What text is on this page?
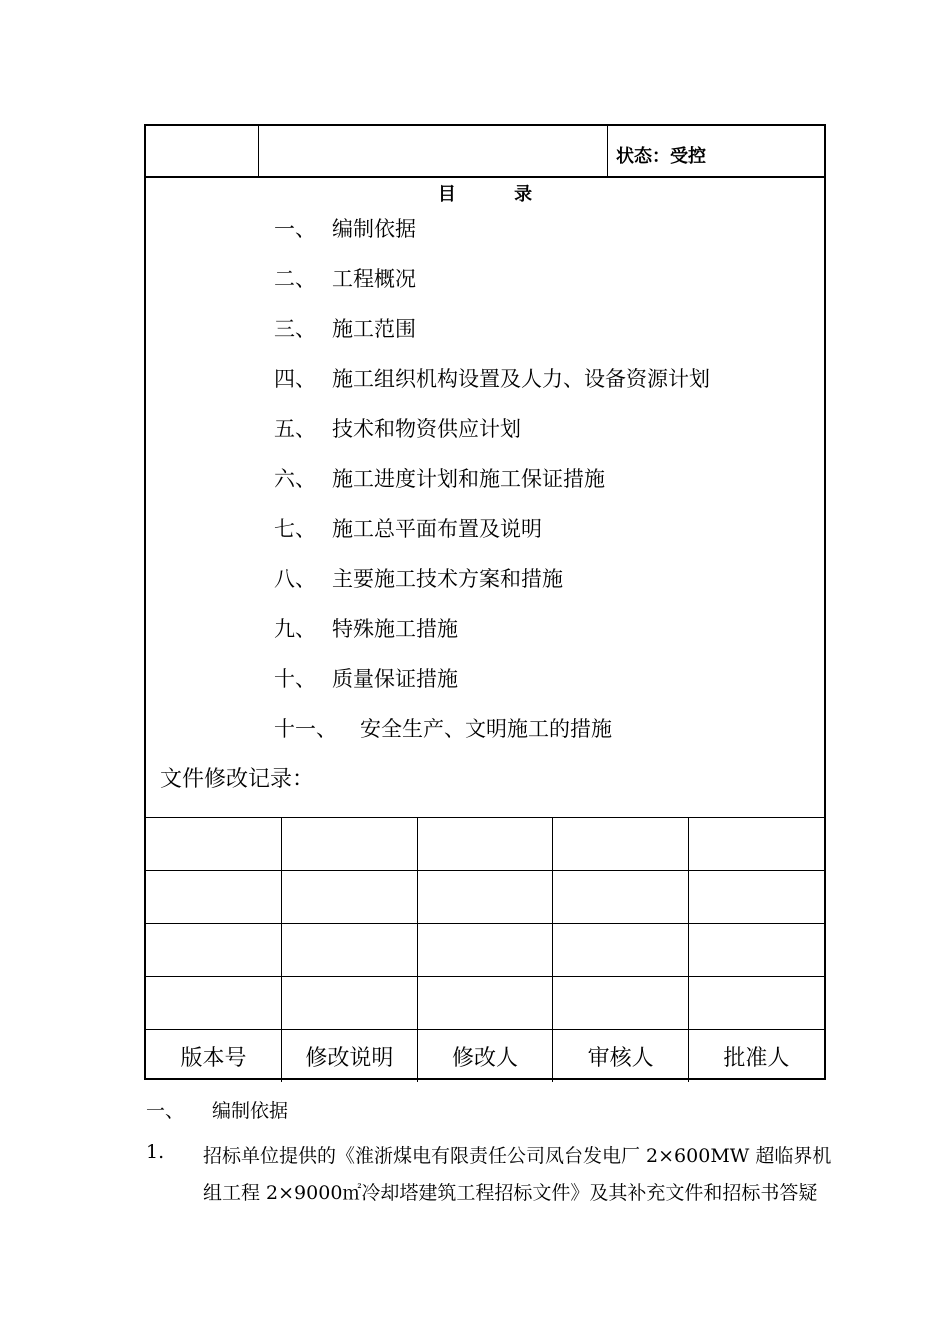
状态：受控
目 录
一、 编制依据
二、 工程概况
三、 施工范围
四、 施工组织机构设置及人力、设备资源计划
五、 技术和物资供应计划
六、 施工进度计划和施工保证措施
七、 施工总平面布置及说明
八、 主要施工技术方案和措施
九、 特殊施工措施
十、 质量保证措施
十一、 安全生产、文明施工的措施
文件修改记录：

版本号	修改说明	修改人	审核人	批准人
一、 编制依据
1. 招标单位提供的《淮浙煤电有限责任公司凤台发电厂 2×600MW 超临界机
组工程 2×9000㎡冷却塔建筑工程招标文件》及其补充文件和招标书答疑
